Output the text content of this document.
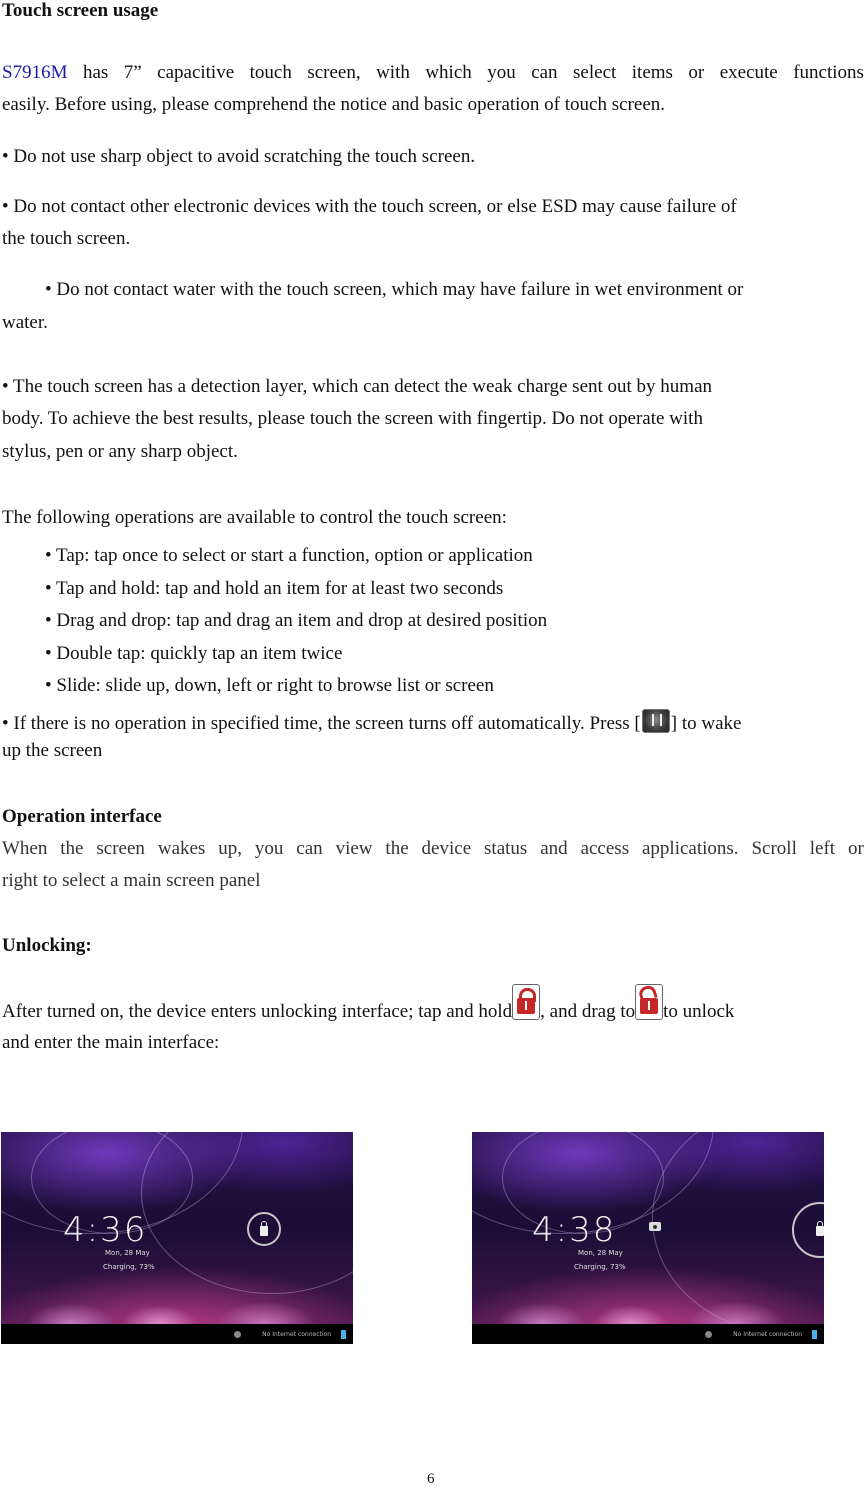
Touch screen usage
S7916M has 7” capacitive touch screen, with which you can select items or execute functions
easily. Before using, please comprehend the notice and basic operation of touch screen.
• Do not use sharp object to avoid scratching the touch screen.
• Do not contact other electronic devices with the touch screen, or else ESD may cause failure of
the touch screen.
• Do not contact water with the touch screen, which may have failure in wet environment or
water.
• The touch screen has a detection layer, which can detect the weak charge sent out by human
body. To achieve the best results, please touch the screen with fingertip. Do not operate with
stylus, pen or any sharp object.
The following operations are available to control the touch screen:
• Tap: tap once to select or start a function, option or application
• Tap and hold: tap and hold an item for at least two seconds
• Drag and drop: tap and drag an item and drop at desired position
• Double tap: quickly tap an item twice
• Slide: slide up, down, left or right to browse list or screen
• If there is no operation in specified time, the screen turns off automatically. Press [ ] to wake
up the screen
Operation interface
When the screen wakes up, you can view the device status and access applications. Scroll left or
right to select a main screen panel
Unlocking:
After turned on, the device enters unlocking interface; tap and hold , and drag to to unlock
and enter the main interface:
4:36
Mon, 28 May
Charging, 73%
No Internet connection
4:38
Mon, 28 May
Charging, 73%
No Internet connection
6
